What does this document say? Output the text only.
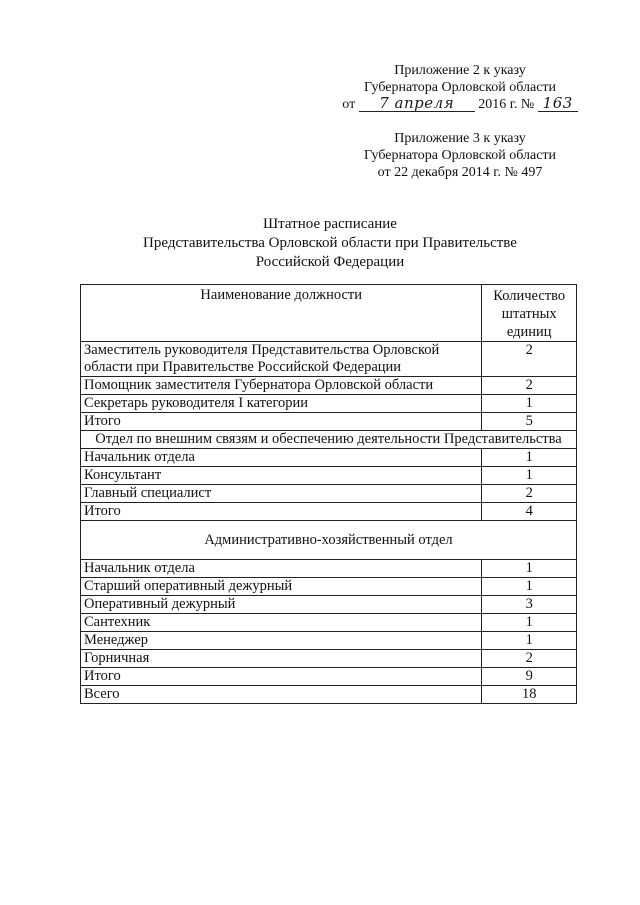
Приложение 2 к указу
Губернатора Орловской области
от 7 апреля 2016 г. № 163
Приложение 3 к указу
Губернатора Орловской области
от 22 декабря 2014 г. № 497
Штатное расписание
Представительства Орловской области при Правительстве
Российской Федерации
Наименование должности	Количество штатных единиц
Заместитель руководителя Представительства Орловской области при Правительстве Российской Федерации	2
Помощник заместителя Губернатора Орловской области	2
Секретарь руководителя I категории	1
Итого	5
Отдел по внешним связям и обеспечению деятельности Представительства	
Начальник отдела	1
Консультант	1
Главный специалист	2
Итого	4
Административно-хозяйственный отдел	
Начальник отдела	1
Старший оперативный дежурный	1
Оперативный дежурный	3
Сантехник	1
Менеджер	1
Горничная	2
Итого	9
Всего	18
